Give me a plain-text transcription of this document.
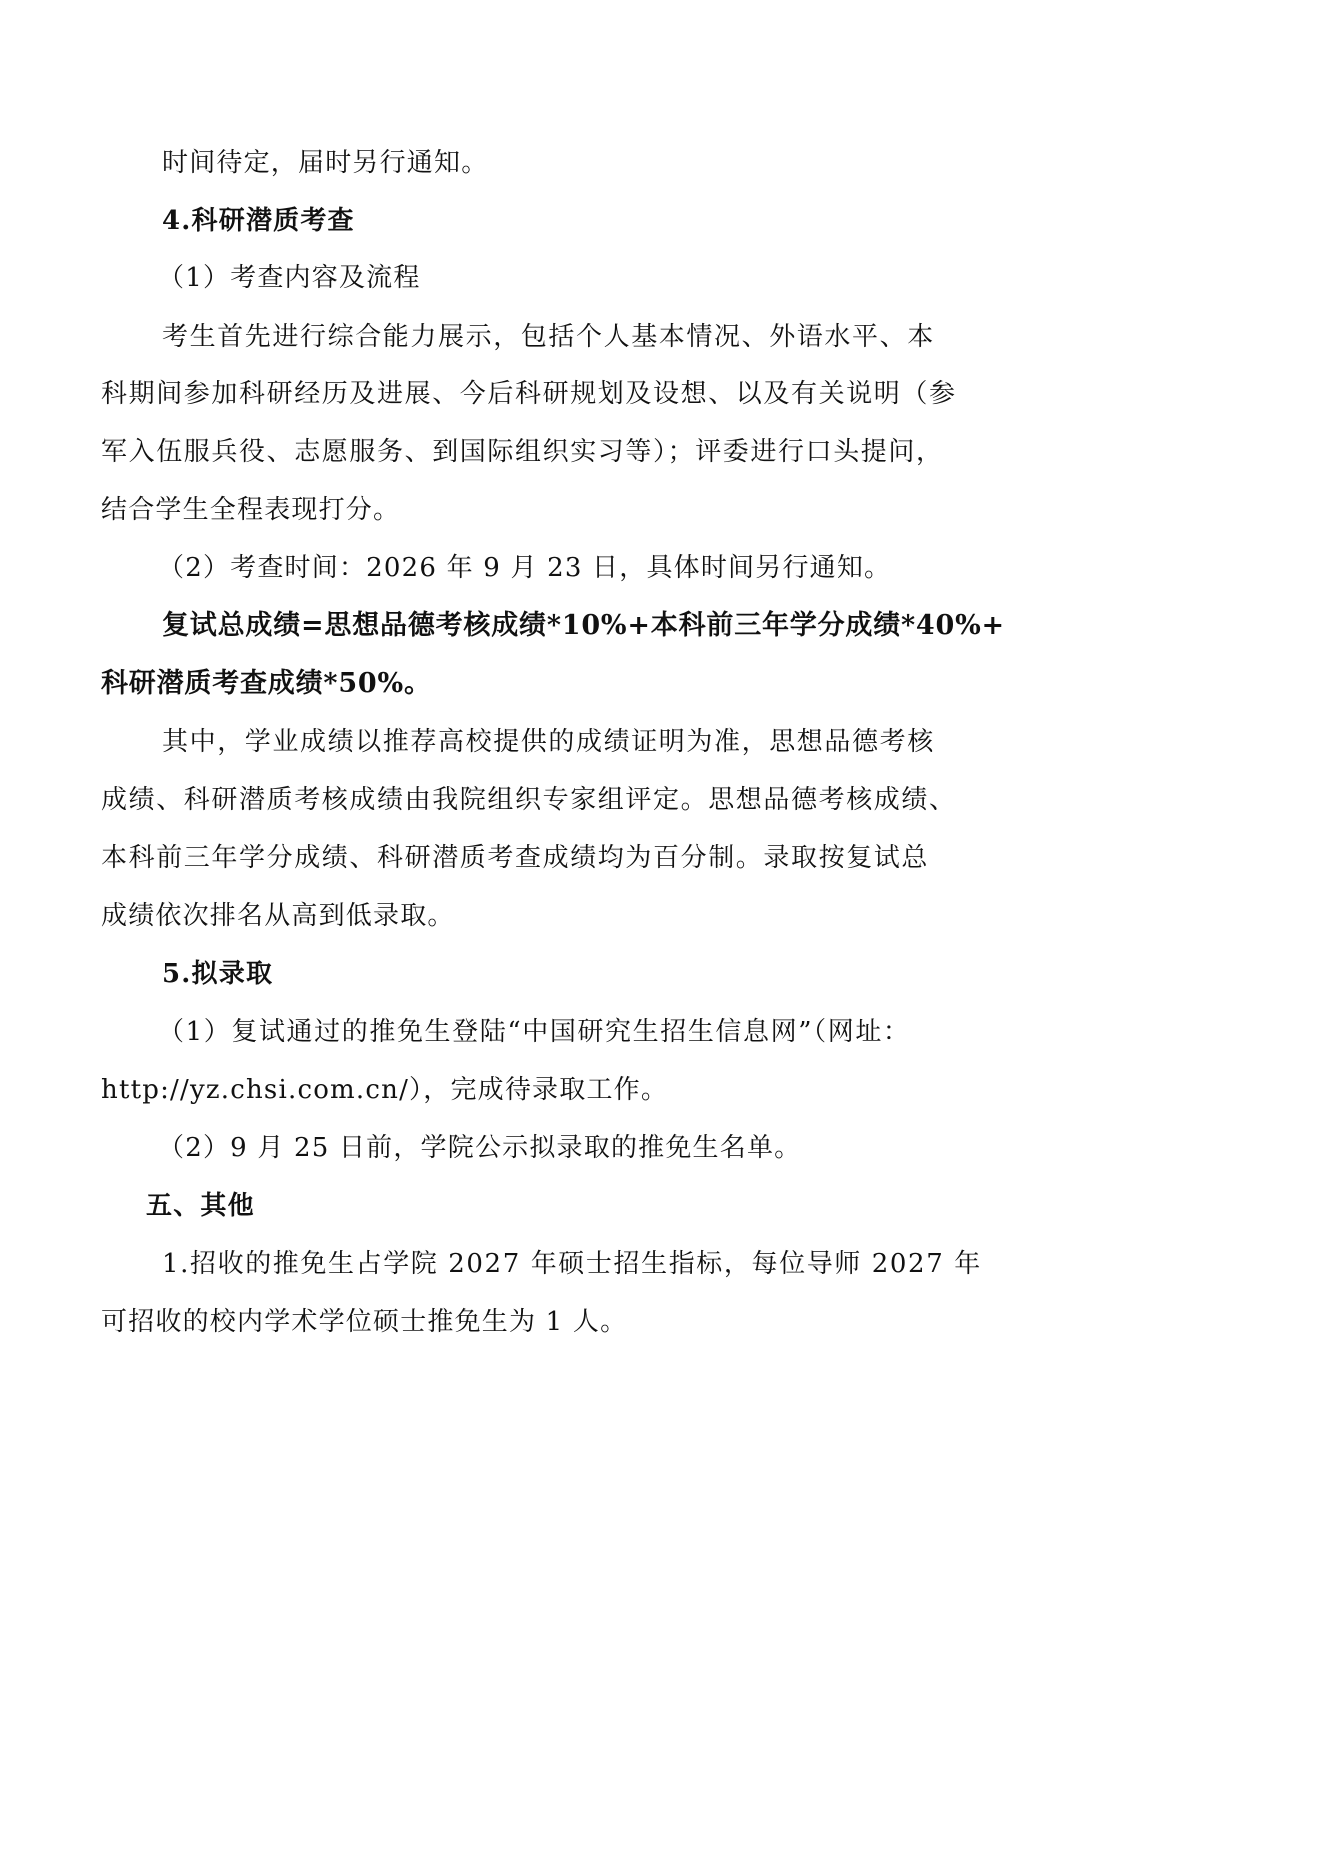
时间待定，届时另行通知。

4.科研潜质考查

（1）考查内容及流程

考生首先进行综合能力展示，包括个人基本情况、外语水平、本

科期间参加科研经历及进展、今后科研规划及设想、以及有关说明（参

军入伍服兵役、志愿服务、到国际组织实习等）；评委进行口头提问，

结合学生全程表现打分。

（2）考查时间：2026 年 9 月 23 日，具体时间另行通知。

复试总成绩=思想品德考核成绩*10%+本科前三年学分成绩*40%+

科研潜质考查成绩*50%。

其中，学业成绩以推荐高校提供的成绩证明为准，思想品德考核

成绩、科研潜质考核成绩由我院组织专家组评定。思想品德考核成绩、

本科前三年学分成绩、科研潜质考查成绩均为百分制。录取按复试总

成绩依次排名从高到低录取。

5.拟录取

（1）复试通过的推免生登陆“中国研究生招生信息网”（网址：

http://yz.chsi.com.cn/），完成待录取工作。

（2）9 月 25 日前，学院公示拟录取的推免生名单。

五、其他

1.招收的推免生占学院 2027 年硕士招生指标，每位导师 2027 年

可招收的校内学术学位硕士推免生为 1 人。
